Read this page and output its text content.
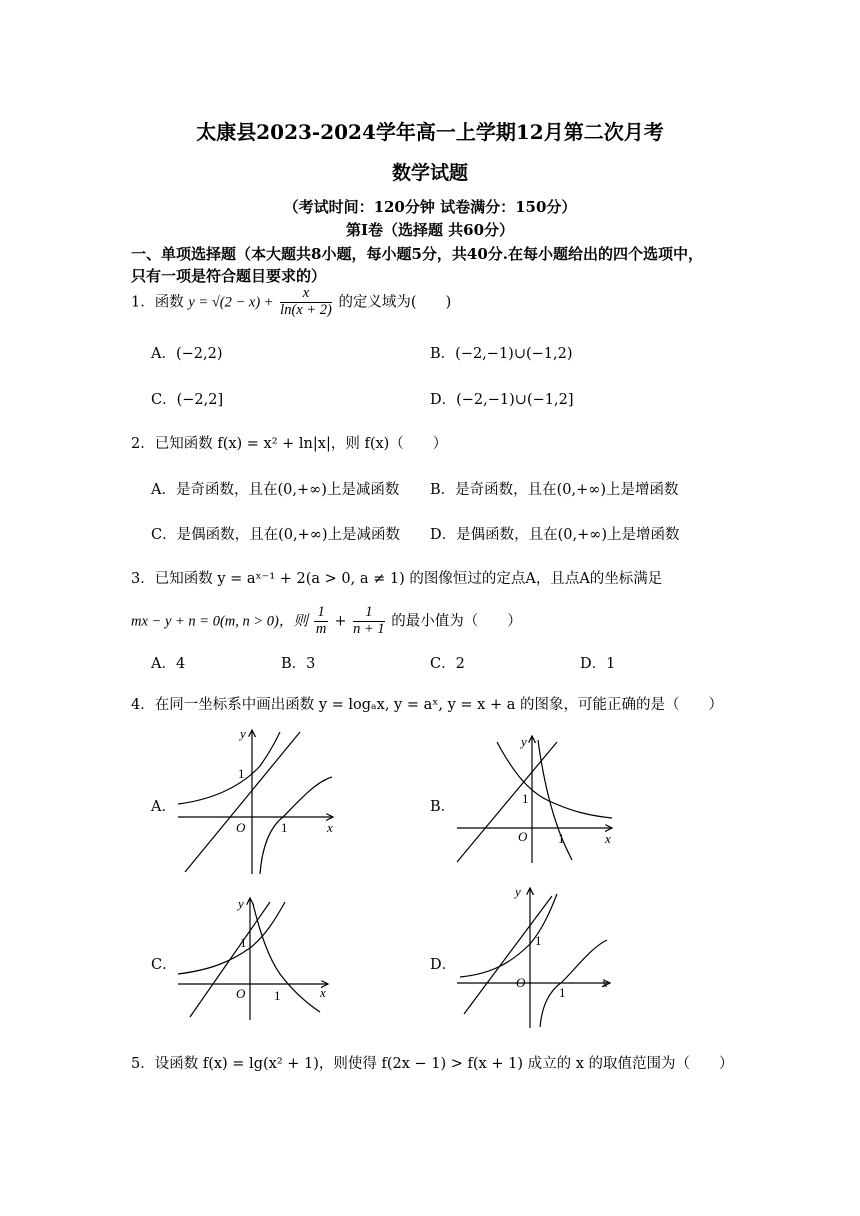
太康县2023-2024学年高一上学期12月第二次月考
数学试题
（考试时间：120分钟 试卷满分：150分）
第Ⅰ卷（选择题 共60分）
一、单项选择题（本大题共8小题，每小题5分，共40分.在每小题给出的四个选项中，
只有一项是符合题目要求的）
1．函数 $y = √(2 - x) + \frac{x}{\ln(x + 2)}$ 的定义域为(　　)
A．(−2,2)	B．(−2,−1)∪(−1,2)
C．(−2,2]	D．(−2,−1)∪(−1,2]
2．已知函数 f(x) = x² + ln|x|，则 f(x)（　　）
A．是奇函数，且在(0,+∞)上是减函数 B．是奇函数，且在(0,+∞)上是增函数
C．是偶函数，且在(0,+∞)上是减函数 D．是偶函数，且在(0,+∞)上是增函数
3．已知函数 y = aˣ⁻¹ + 2(a > 0, a ≠ 1) 的图像恒过的定点A，且点A的坐标满足
mx − y + n = 0(m, n > 0)，则 $\frac{1}{m} + \frac{1}{n + 1}$ 的最小值为（　　）
A．4	B．3	C．2	D．1
4．在同一坐标系中画出函数 y = logₐx, y = aˣ, y = x + a 的图象，可能正确的是（　　）
A．
1
O	1	x
y
B．
1
O 1	x
y
C．
1
O 1	x
y
D．
1
O
1
x
y
5．设函数 f(x) = lg(x² + 1)，则使得 f(2x − 1) > f(x + 1) 成立的 x 的取值范围为（　　）
